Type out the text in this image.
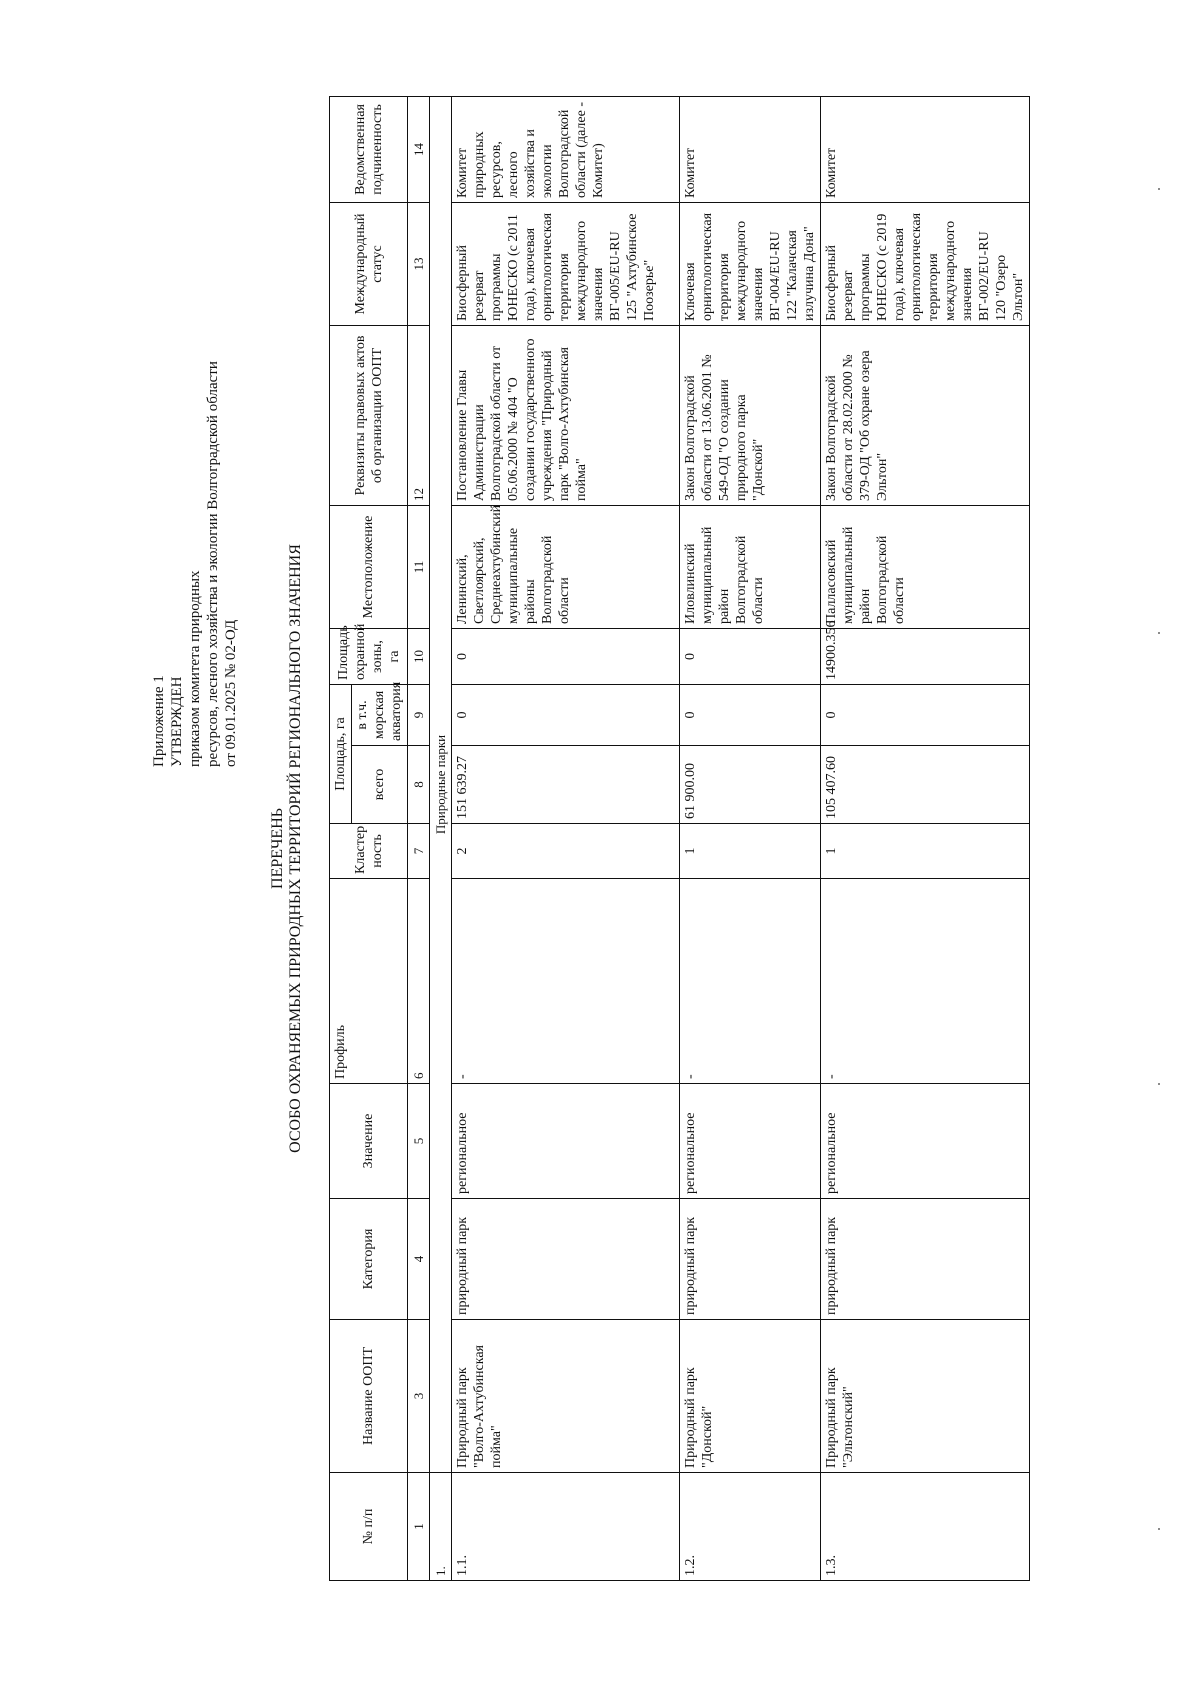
Приложение 1 УТВЕРЖДЕН приказом комитета природных ресурсов, лесного хозяйства и экологии Волгоградской области от 09.01.2025 № 02-ОД
ПЕРЕЧЕНЬ ОСОБО ОХРАНЯЕМЫХ ПРИРОДНЫХ ТЕРРИТОРИЙ РЕГИОНАЛЬНОГО ЗНАЧЕНИЯ
№ п/п	Название ООПТ	Категория	Значение	Профиль	Кластер ность	Площадь, га		Площадь охранной зоны, га	Местоположение	Реквизиты правовых актов об организации ООПТ	Международный статус	Ведомственная подчиненность
						всего	в т.ч. морская акватория					
1	3	4	5	6	7	8	9	10	11	12	13	14
1.	Природные парки											
1.1.	Природный парк "Волго-Ахтубинская пойма"	природный парк	региональное	-	2	151 639.27	0	0	Ленинский, Светлоярский, Среднеахтубинский муниципальные районы Волгоградской области	Постановление Главы Администрации Волгоградской области от 05.06.2000 № 404 "О создании государственного учреждения "Природный парк "Волго-Ахтубинская пойма"	Биосферный резерват программы ЮНЕСКО (с 2011 года), ключевая орнитологическая территория международного значения ВГ-005/EU-RU 125 "Ахтубинское Поозерье"	Комитет природных ресурсов, лесного хозяйства и экологии Волгоградской области (далее - Комитет)
1.2.	Природный парк "Донской"	природный парк	региональное	-	1	61 900.00	0	0	Иловлинский муниципальный район Волгоградской области	Закон Волгоградской области от 13.06.2001 № 549-ОД "О создании природного парка "Донской"	Ключевая орнитологическая территория международного значения ВГ-004/EU-RU 122 "Калачская излучина Дона"	Комитет
1.3.	Природный парк "Эльтонский"	природный парк	региональное	-	1	105 407.60	0	14900.356	Палласовский муниципальный район Волгоградской области	Закон Волгоградской области от 28.02.2000 № 379-ОД "Об охране озера Эльтон"	Биосферный резерват программы ЮНЕСКО (с 2019 года), ключевая орнитологическая территория международного значения ВГ-002/EU-RU 120 "Озеро Эльтон"	Комитет
